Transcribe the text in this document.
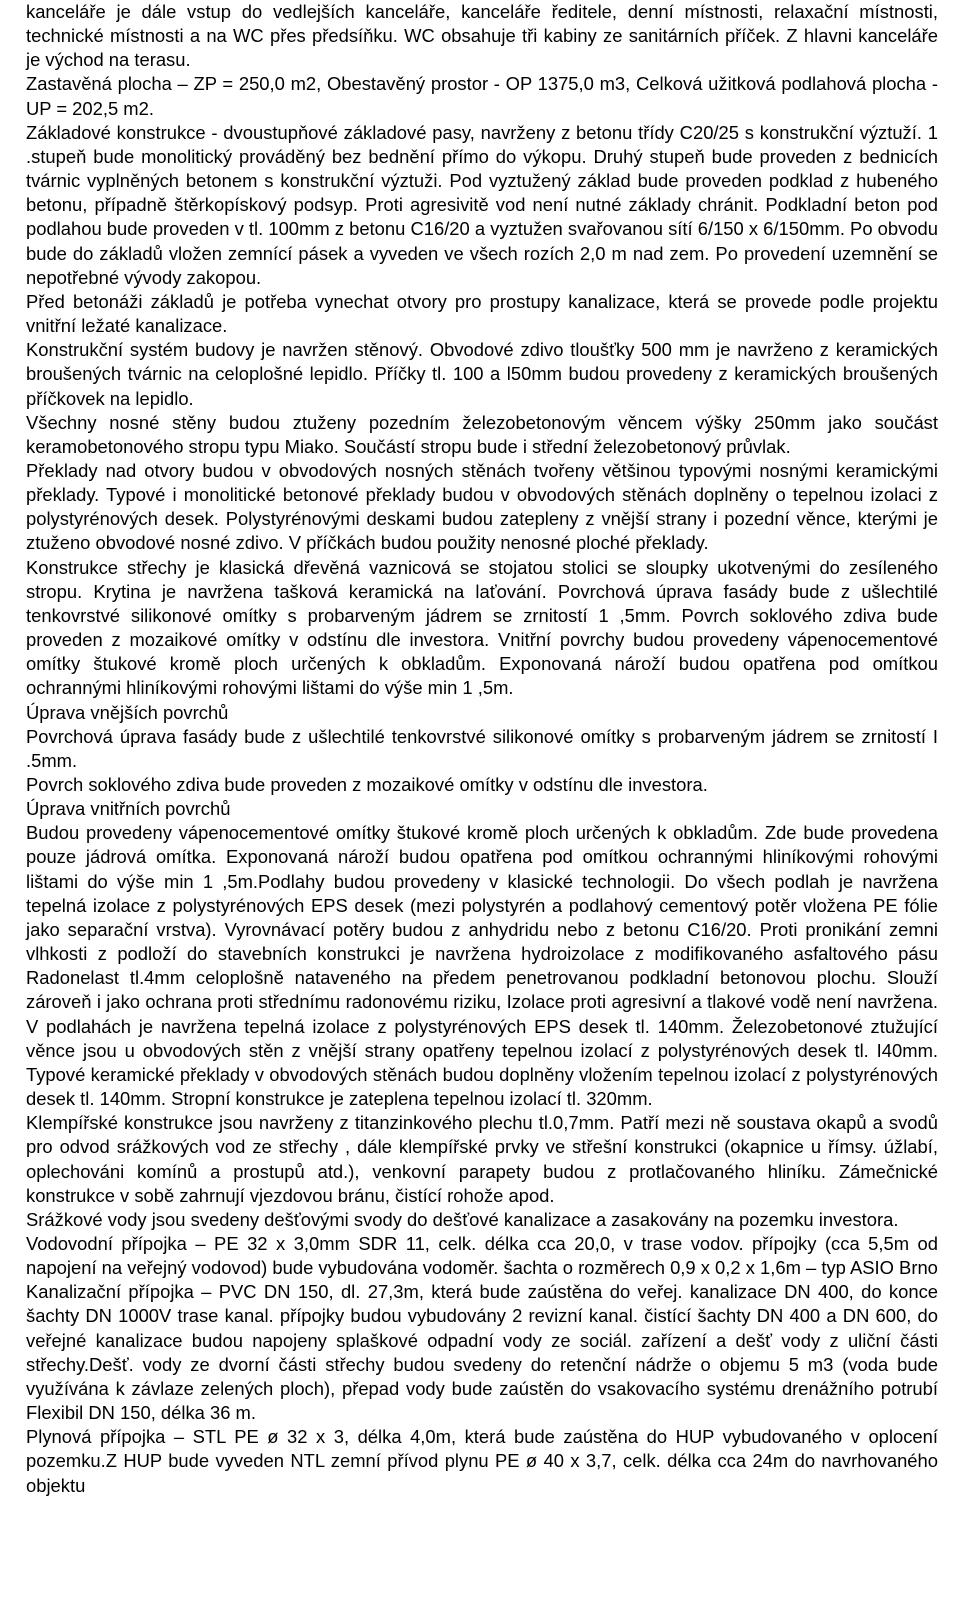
kanceláře je dále vstup do vedlejších kanceláře, kanceláře ředitele, denní místnosti, relaxační místnosti, technické místnosti a na WC přes předsíňku. WC obsahuje tři kabiny ze sanitárních příček. Z hlavni kanceláře je východ na terasu.

Zastavěná plocha – ZP = 250,0 m2, Obestavěný prostor - OP 1375,0 m3, Celková užitková podlahová plocha - UP = 202,5 m2.

Základové konstrukce - dvoustupňové základové pasy, navrženy z betonu třídy C20/25 s konstrukční výztuží. 1 .stupeň bude monolitický prováděný bez bednění přímo do výkopu. Druhý stupeň bude proveden z bednicích tvárnic vyplněných betonem s konstrukční výztuži. Pod vyztužený základ bude proveden podklad z hubeného betonu, případně štěrkopískový podsyp. Proti agresivitě vod není nutné základy chránit. Podkladní beton pod podlahou bude proveden v tl. 100mm z betonu C16/20 a vyztužen svařovanou sítí 6/150 x 6/150mm. Po obvodu bude do základů vložen zemnící pásek a vyveden ve všech rozích 2,0 m nad zem. Po provedení uzemnění se nepotřebné vývody zakopou.

Před betonáži základů je potřeba vynechat otvory pro prostupy kanalizace, která se provede podle projektu vnitřní ležaté kanalizace.

Konstrukční systém budovy je navržen stěnový. Obvodové zdivo tloušťky 500 mm je navrženo z keramických broušených tvárnic na celoplošné lepidlo. Příčky tl. 100 a l50mm budou provedeny z keramických broušených příčkovek na lepidlo.

Všechny nosné stěny budou ztuženy pozedním železobetonovým věncem výšky 250mm jako součást keramobetonového stropu typu Miako. Součástí stropu bude i střední železobetonový průvlak.

Překlady nad otvory budou v obvodových nosných stěnách tvořeny většinou typovými nosnými keramickými překlady. Typové i monolitické betonové překlady budou v obvodových stěnách doplněny o tepelnou izolaci z polystyrénových desek. Polystyrénovými deskami budou zatepleny z vnější strany i pozední věnce, kterými je ztuženo obvodové nosné zdivo. V příčkách budou použity nenosné ploché překlady.

Konstrukce střechy je klasická dřevěná vaznicová se stojatou stolici se sloupky ukotvenými do zesíleného stropu. Krytina je navržena tašková keramická na laťování. Povrchová úprava fasády bude z ušlechtilé tenkovrstvé silikonové omítky s probarveným jádrem se zrnitostí 1 ,5mm. Povrch soklového zdiva bude proveden z mozaikové omítky v odstínu dle investora. Vnitřní povrchy budou provedeny vápenocementové omítky štukové kromě ploch určených k obkladům. Exponovaná nároží budou opatřena pod omítkou ochrannými hliníkovými rohovými lištami do výše min 1 ,5m.

Úprava vnějších povrchů

Povrchová úprava fasády bude z ušlechtilé tenkovrstvé silikonové omítky s probarveným jádrem se zrnitostí I .5mm.

Povrch soklového zdiva bude proveden z mozaikové omítky v odstínu dle investora.

Úprava vnitřních povrchů

Budou provedeny vápenocementové omítky štukové kromě ploch určených k obkladům. Zde bude provedena pouze jádrová omítka. Exponovaná nároží budou opatřena pod omítkou ochrannými hliníkovými rohovými lištami do výše min 1 ,5m.Podlahy budou provedeny v klasické technologii. Do všech podlah je navržena tepelná izolace z polystyrénových EPS desek (mezi polystyrén a podlahový cementový potěr vložena PE fólie jako separační vrstva). Vyrovnávací potěry budou z anhydridu nebo z betonu C16/20. Proti pronikání zemni vlhkosti z podloží do stavebních konstrukci je navržena hydroizolace z modifikovaného asfaltového pásu Radonelast tl.4mm celoplošně nataveného na předem penetrovanou podkladní betonovou plochu. Slouží zároveň i jako ochrana proti střednímu radonovému riziku, Izolace proti agresivní a tlakové vodě není navržena. V podlahách je navržena tepelná izolace z polystyrénových EPS desek tl. 140mm. Železobetonové ztužující věnce jsou u obvodových stěn z vnější strany opatřeny tepelnou izolací z polystyrénových desek tl. I40mm. Typové keramické překlady v obvodových stěnách budou doplněny vložením tepelnou izolací z polystyrénových desek tl. 140mm. Stropní konstrukce je zateplena tepelnou izolací tl. 320mm.

Klempířské konstrukce jsou navrženy z titanzinkového plechu tl.0,7mm. Patří mezi ně soustava okapů a svodů pro odvod srážkových vod ze střechy , dále klempířské prvky ve střešní konstrukci (okapnice u římsy. úžlabí, oplechováni komínů a prostupů atd.), venkovní parapety budou z protlačovaného hliníku. Zámečnické konstrukce v sobě zahrnují vjezdovou bránu, čistící rohože apod.

Srážkové vody jsou svedeny dešťovými svody do dešťové kanalizace a zasakovány na pozemku investora.

Vodovodní přípojka – PE 32 x 3,0mm SDR 11, celk. délka cca 20,0, v trase vodov. přípojky (cca 5,5m od napojení na veřejný vodovod) bude vybudována vodoměr. šachta o rozměrech 0,9 x 0,2 x 1,6m – typ ASIO Brno

Kanalizační přípojka – PVC DN 150, dl. 27,3m, která bude zaústěna do veřej. kanalizace DN 400, do konce šachty DN 1000V trase kanal. přípojky budou vybudovány 2 revizní kanal. čistící šachty DN 400 a DN 600, do veřejné kanalizace budou napojeny splaškové odpadní vody ze sociál. zařízení a dešť vody z uliční části střechy.Dešť. vody ze dvorní části střechy budou svedeny do retenční nádrže o objemu 5 m3 (voda bude využívána k závlaze zelených ploch), přepad vody bude zaústěn do vsakovacího systému drenážního potrubí Flexibil DN 150, délka 36 m.

Plynová přípojka – STL PE ø 32 x 3, délka 4,0m, která bude zaústěna do HUP vybudovaného v oplocení pozemku.Z HUP bude vyveden NTL zemní přívod plynu PE ø 40 x 3,7, celk. délka cca 24m do navrhovaného objektu
